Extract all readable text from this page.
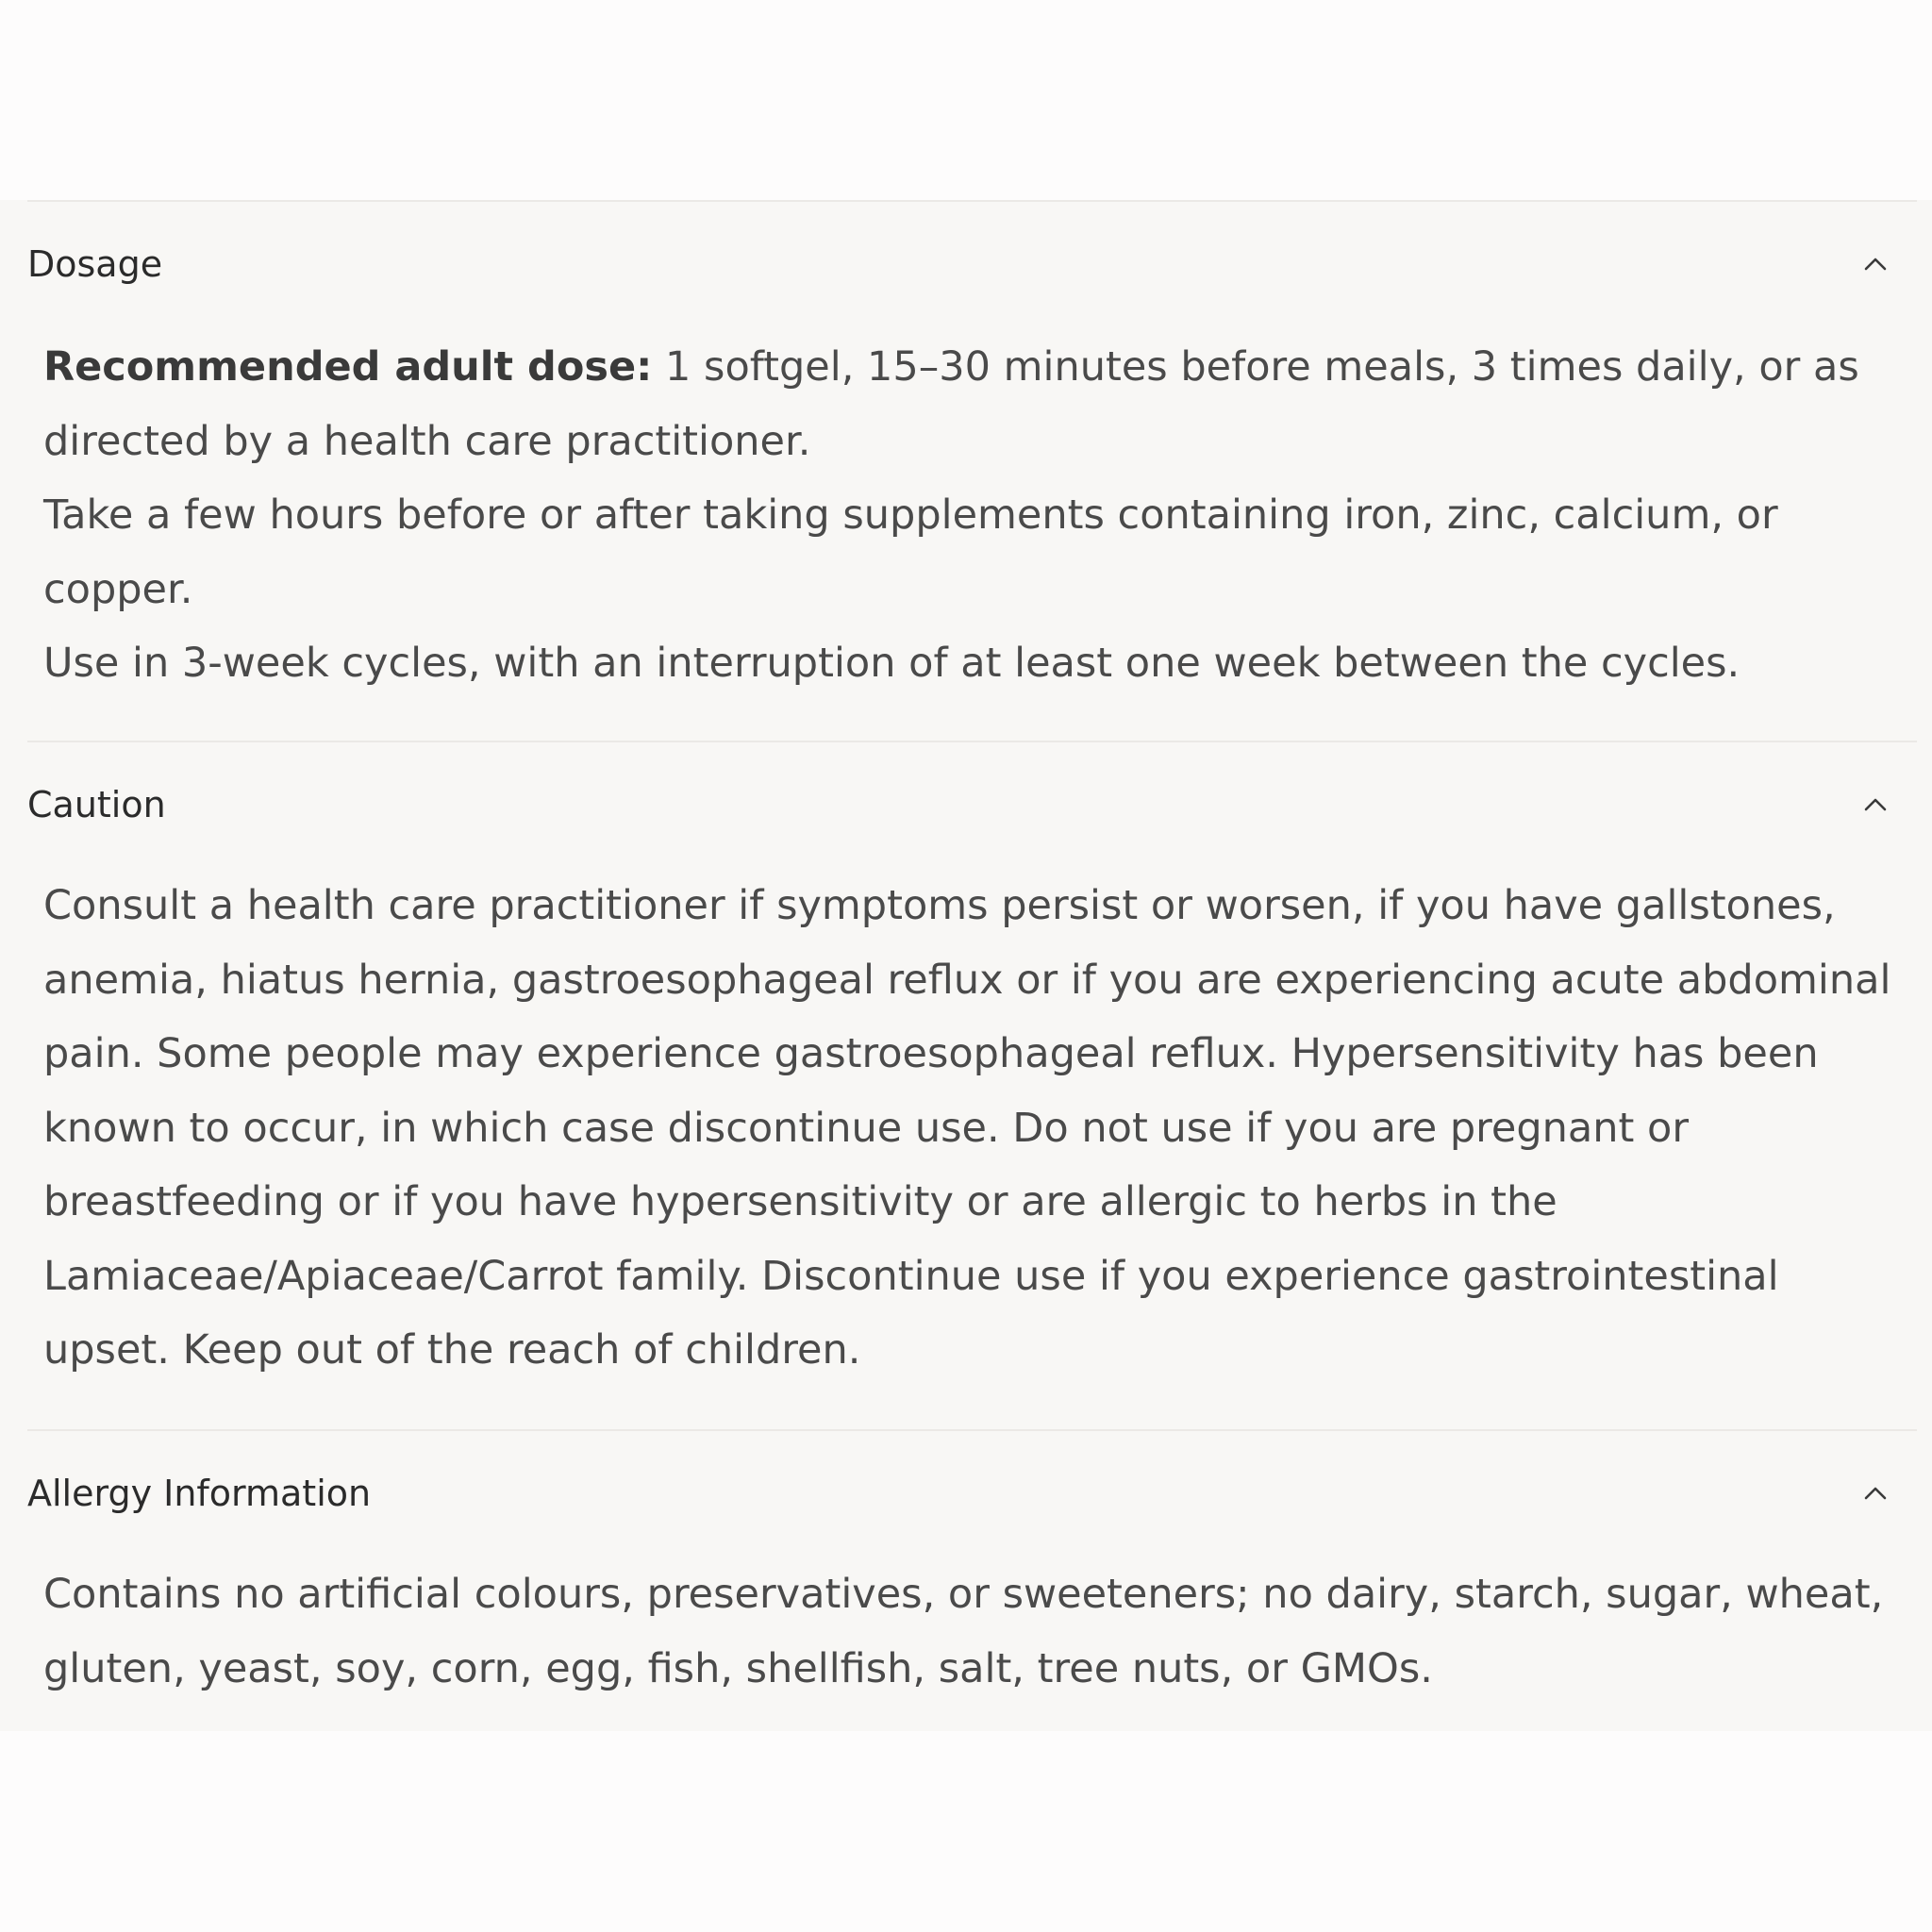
Dosage

Recommended adult dose: 1 softgel, 15–30 minutes before meals, 3 times daily, or as directed by a health care practitioner.

Take a few hours before or after taking supplements containing iron, zinc, calcium, or copper.

Use in 3-week cycles, with an interruption of at least one week between the cycles.

Caution

Consult a health care practitioner if symptoms persist or worsen, if you have gallstones, anemia, hiatus hernia, gastroesophageal reflux or if you are experiencing acute abdominal pain. Some people may experience gastroesophageal reflux. Hypersensitivity has been known to occur, in which case discontinue use. Do not use if you are pregnant or breastfeeding or if you have hypersensitivity or are allergic to herbs in the Lamiaceae/Apiaceae/Carrot family. Discontinue use if you experience gastrointestinal upset. Keep out of the reach of children.

Allergy Information

Contains no artificial colours, preservatives, or sweeteners; no dairy, starch, sugar, wheat, gluten, yeast, soy, corn, egg, fish, shellfish, salt, tree nuts, or GMOs.
